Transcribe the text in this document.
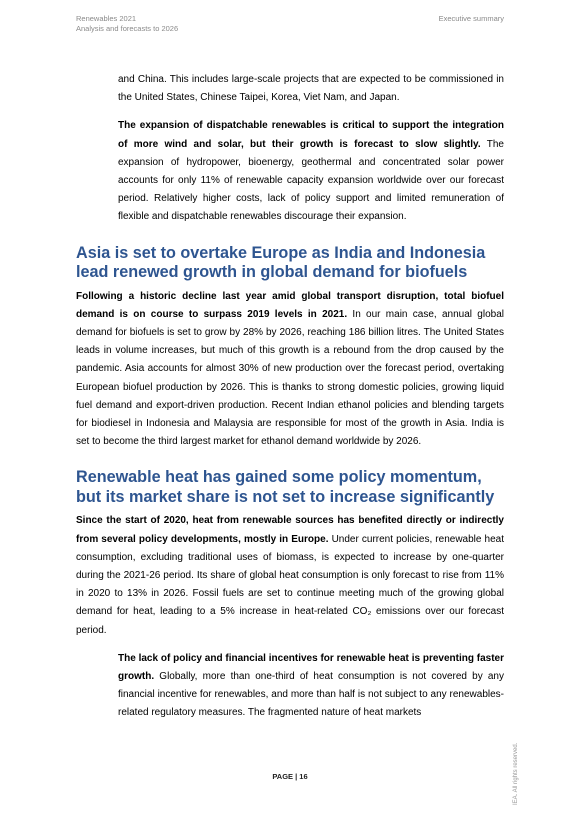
Renewables 2021
Analysis and forecasts to 2026
Executive summary

and China. This includes large-scale projects that are expected to be commissioned in the United States, Chinese Taipei, Korea, Viet Nam, and Japan.

The expansion of dispatchable renewables is critical to support the integration of more wind and solar, but their growth is forecast to slow slightly. The expansion of hydropower, bioenergy, geothermal and concentrated solar power accounts for only 11% of renewable capacity expansion worldwide over our forecast period. Relatively higher costs, lack of policy support and limited remuneration of flexible and dispatchable renewables discourage their expansion.

Asia is set to overtake Europe as India and Indonesia lead renewed growth in global demand for biofuels

Following a historic decline last year amid global transport disruption, total biofuel demand is on course to surpass 2019 levels in 2021. In our main case, annual global demand for biofuels is set to grow by 28% by 2026, reaching 186 billion litres. The United States leads in volume increases, but much of this growth is a rebound from the drop caused by the pandemic. Asia accounts for almost 30% of new production over the forecast period, overtaking European biofuel production by 2026. This is thanks to strong domestic policies, growing liquid fuel demand and export-driven production. Recent Indian ethanol policies and blending targets for biodiesel in Indonesia and Malaysia are responsible for most of the growth in Asia. India is set to become the third largest market for ethanol demand worldwide by 2026.

Renewable heat has gained some policy momentum, but its market share is not set to increase significantly

Since the start of 2020, heat from renewable sources has benefited directly or indirectly from several policy developments, mostly in Europe. Under current policies, renewable heat consumption, excluding traditional uses of biomass, is expected to increase by one-quarter during the 2021-26 period. Its share of global heat consumption is only forecast to rise from 11% in 2020 to 13% in 2026. Fossil fuels are set to continue meeting much of the growing global demand for heat, leading to a 5% increase in heat-related CO₂ emissions over our forecast period.

The lack of policy and financial incentives for renewable heat is preventing faster growth. Globally, more than one-third of heat consumption is not covered by any financial incentive for renewables, and more than half is not subject to any renewables-related regulatory measures. The fragmented nature of heat markets

PAGE | 16	IEA. All rights reserved.
